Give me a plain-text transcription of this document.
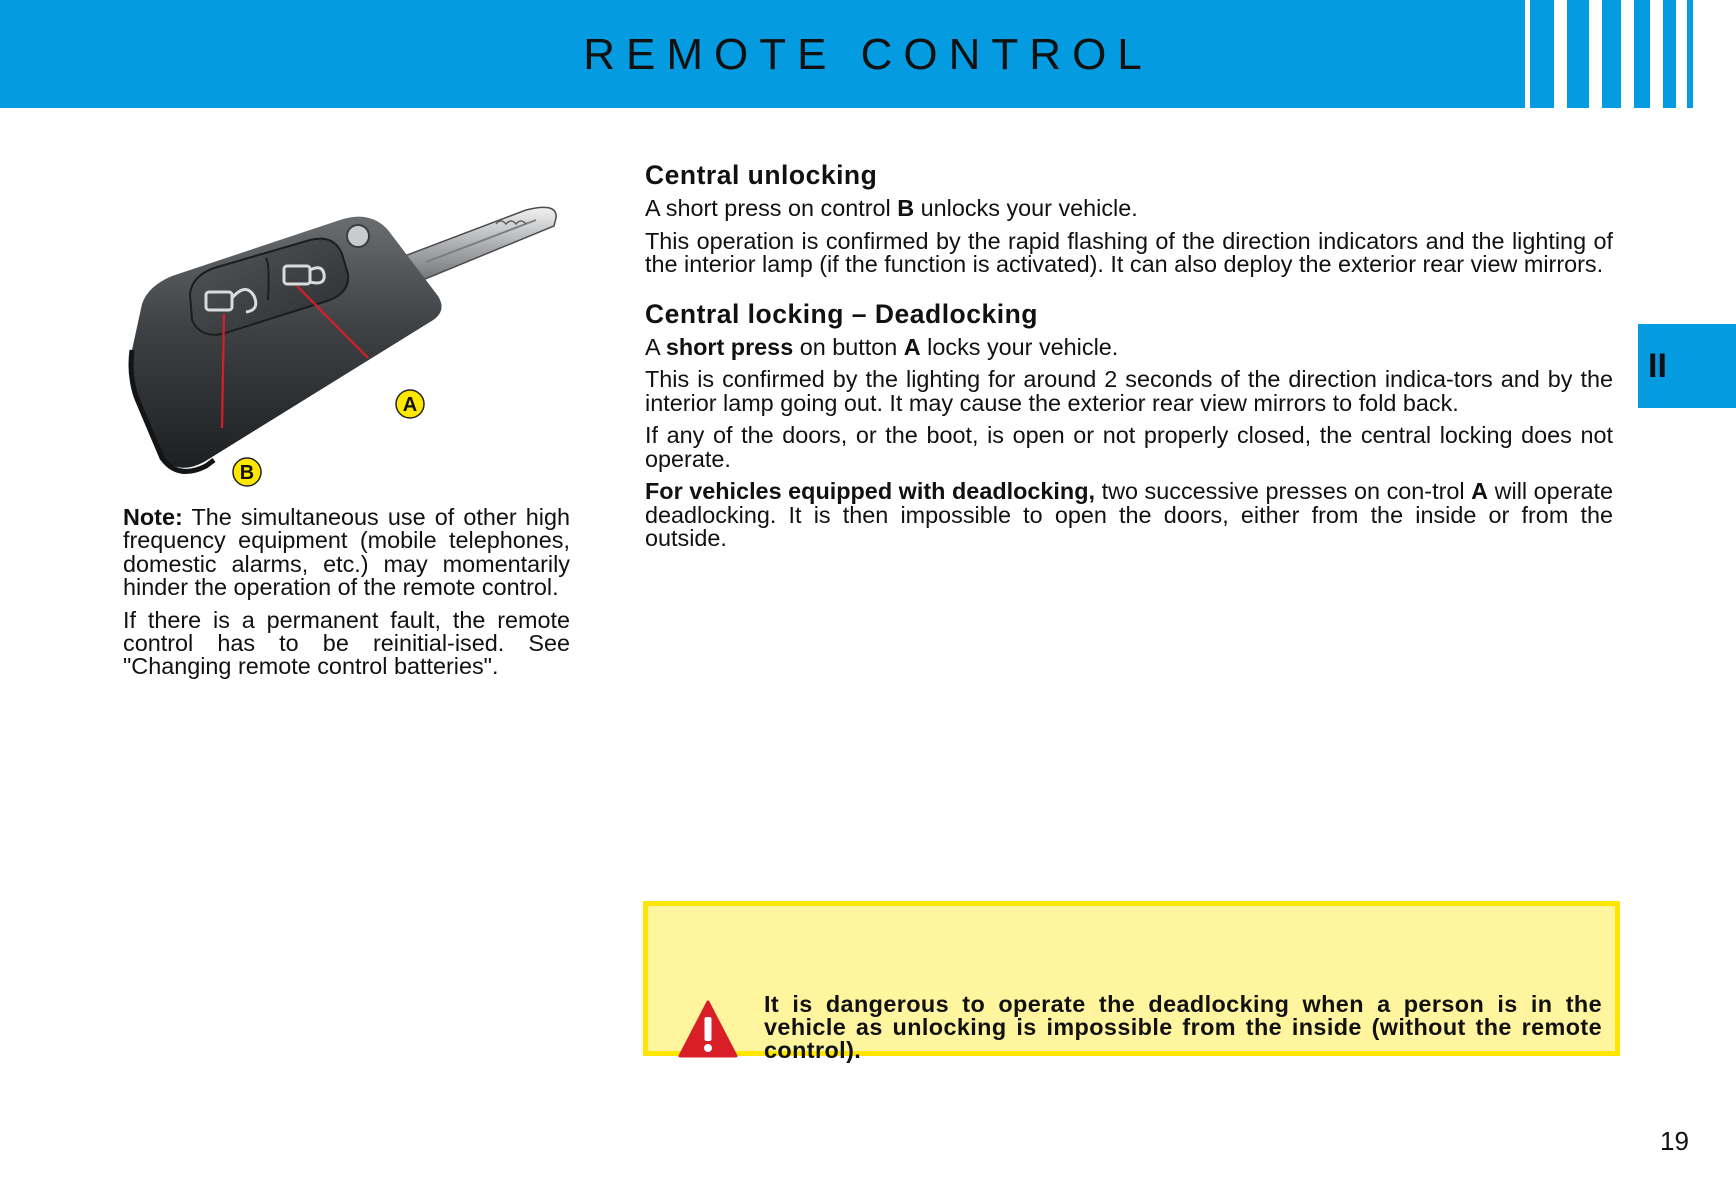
REMOTE CONTROL
II
A
B

Note: The simultaneous use of other high frequency equipment (mobile telephones, domestic alarms, etc.) may momentarily hinder the operation of the remote control.

If there is a permanent fault, the remote control has to be reinitial-ised. See "Changing remote control batteries".

Central unlocking

A short press on control B unlocks your vehicle.

This operation is confirmed by the rapid flashing of the direction indicators and the lighting of the interior lamp (if the function is activated). It can also deploy the exterior rear view mirrors.

Central locking – Deadlocking

A short press on button A locks your vehicle.

This is confirmed by the lighting for around 2 seconds of the direction indica-tors and by the interior lamp going out. It may cause the exterior rear view mirrors to fold back.

If any of the doors, or the boot, is open or not properly closed, the central locking does not operate.

For vehicles equipped with deadlocking, two successive presses on con-trol A will operate deadlocking. It is then impossible to open the doors, either from the inside or from the outside.

It is dangerous to operate the deadlocking when a person is in the vehicle as unlocking is impossible from the inside (without the remote control).
19
